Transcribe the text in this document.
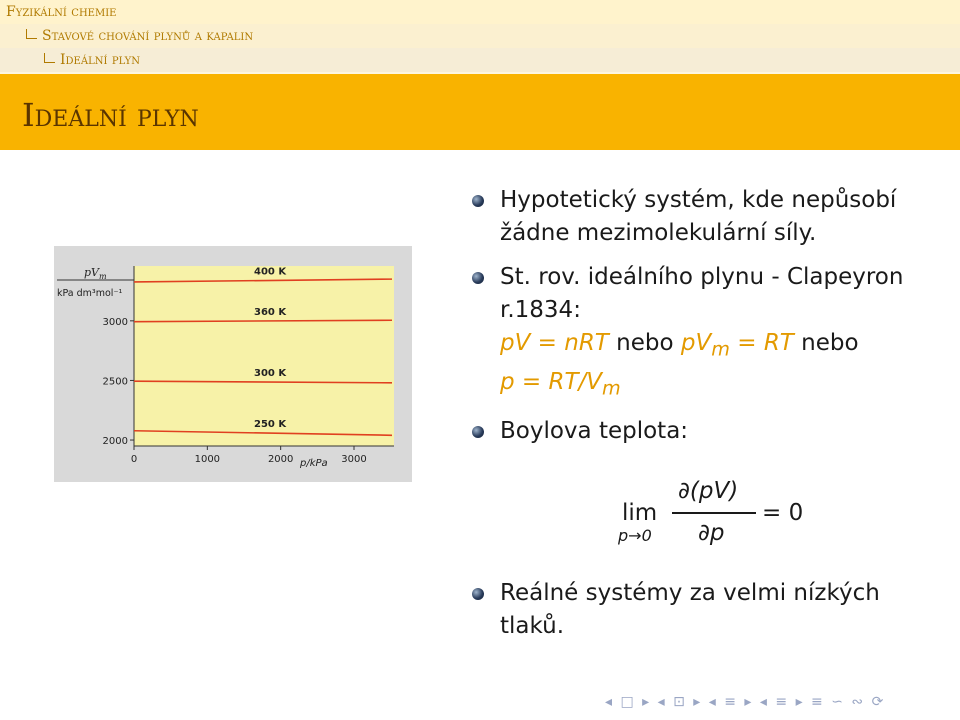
Fyzikální chemie
Stavové chování plynů a kapalin
Ideální plyn
Ideální plyn
$pV_m$
kPa dm³mol⁻¹
p/kPa
0	1000	2000	3000
2000
2500
3000
400 K
360 K
300 K
250 K
Hypotetický systém, kde nepůsobí žádne mezimolekulární síly.
St. rov. ideálního plynu - Clapeyron
r.1834:
pV = nRT nebo $pV_m$ = RT nebo
$p = RT/V_m$
Boylova teplota:
Reálné systémy za velmi nízkých tlaků.
lim
p→0
∂(pV)
∂p
= 0
◂ □ ▸ ◂ ⊡ ▸ ◂ ≡ ▸ ◂ ≡ ▸ ≡ ∽ ∾ ⟳
